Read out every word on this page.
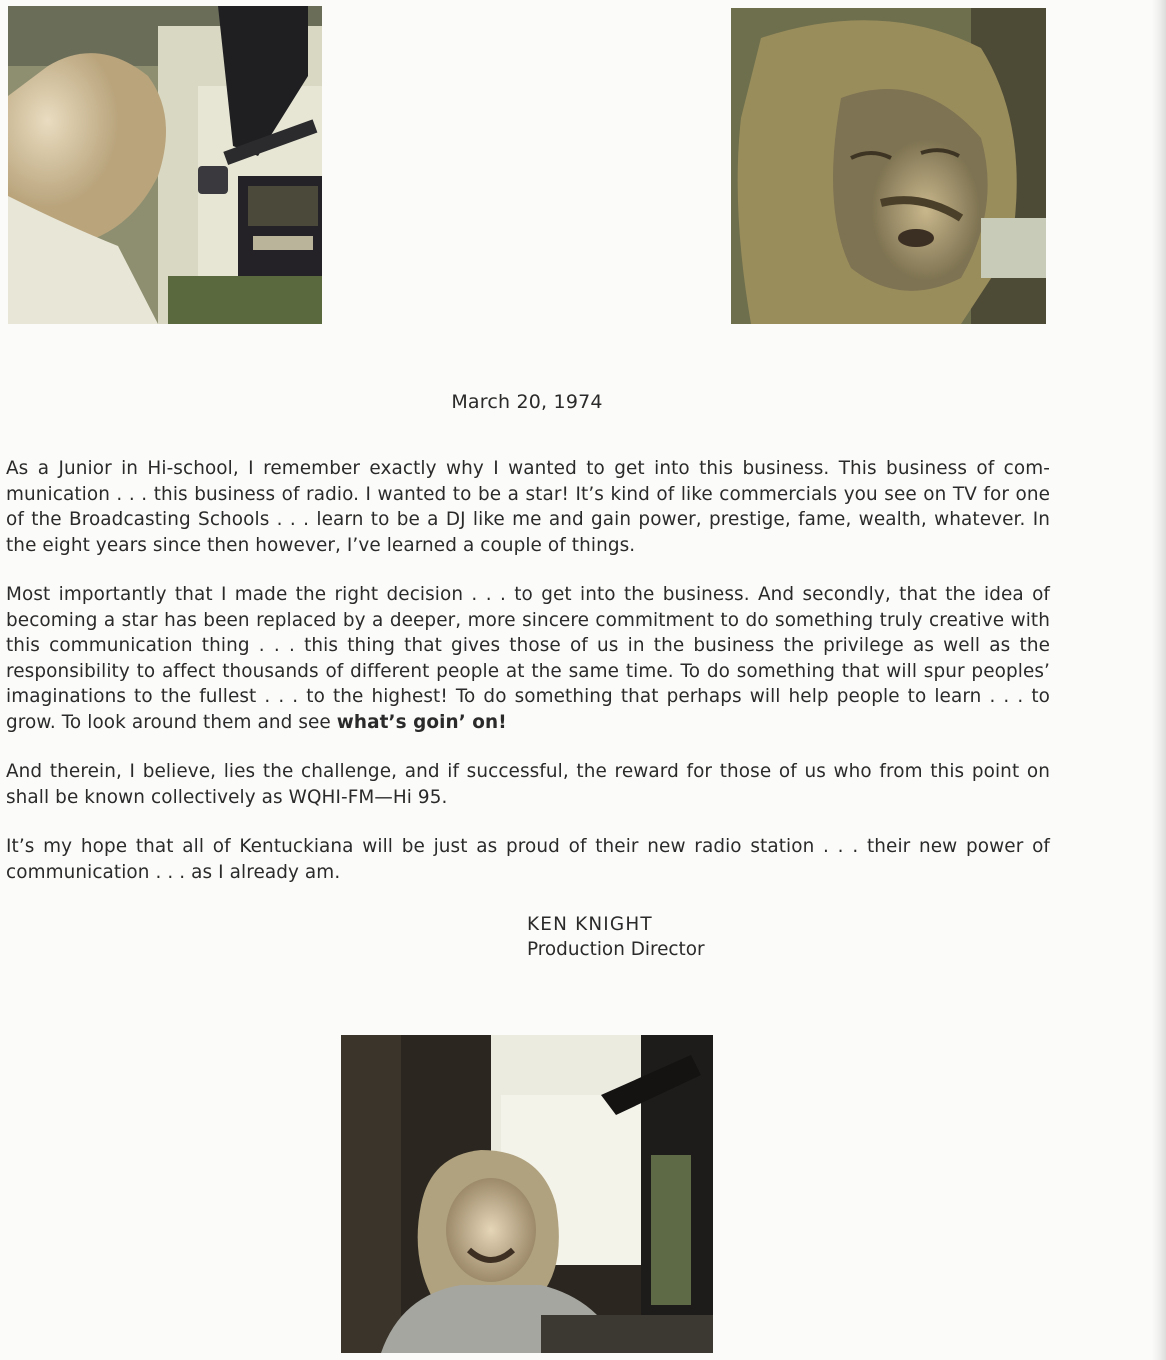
March 20, 1974

As a Junior in Hi-school, I remember exactly why I wanted to get into this business. This business of com-munication . . . this business of radio. I wanted to be a star! It’s kind of like commercials you see on TV for one of the Broadcasting Schools . . . learn to be a DJ like me and gain power, prestige, fame, wealth, whatever. In the eight years since then however, I’ve learned a couple of things.

Most importantly that I made the right decision . . . to get into the business. And secondly, that the idea of becoming a star has been replaced by a deeper, more sincere commitment to do something truly creative with this communication thing . . . this thing that gives those of us in the business the privilege as well as the responsibility to affect thousands of different people at the same time. To do something that will spur peoples’ imaginations to the fullest . . . to the highest! To do something that perhaps will help people to learn . . . to grow. To look around them and see what’s goin’ on!

And therein, I believe, lies the challenge, and if successful, the reward for those of us who from this point on shall be known collectively as WQHI-FM—Hi 95.

It’s my hope that all of Kentuckiana will be just as proud of their new radio station . . . their new power of communication . . . as I already am.

KEN KNIGHT
Production Director
